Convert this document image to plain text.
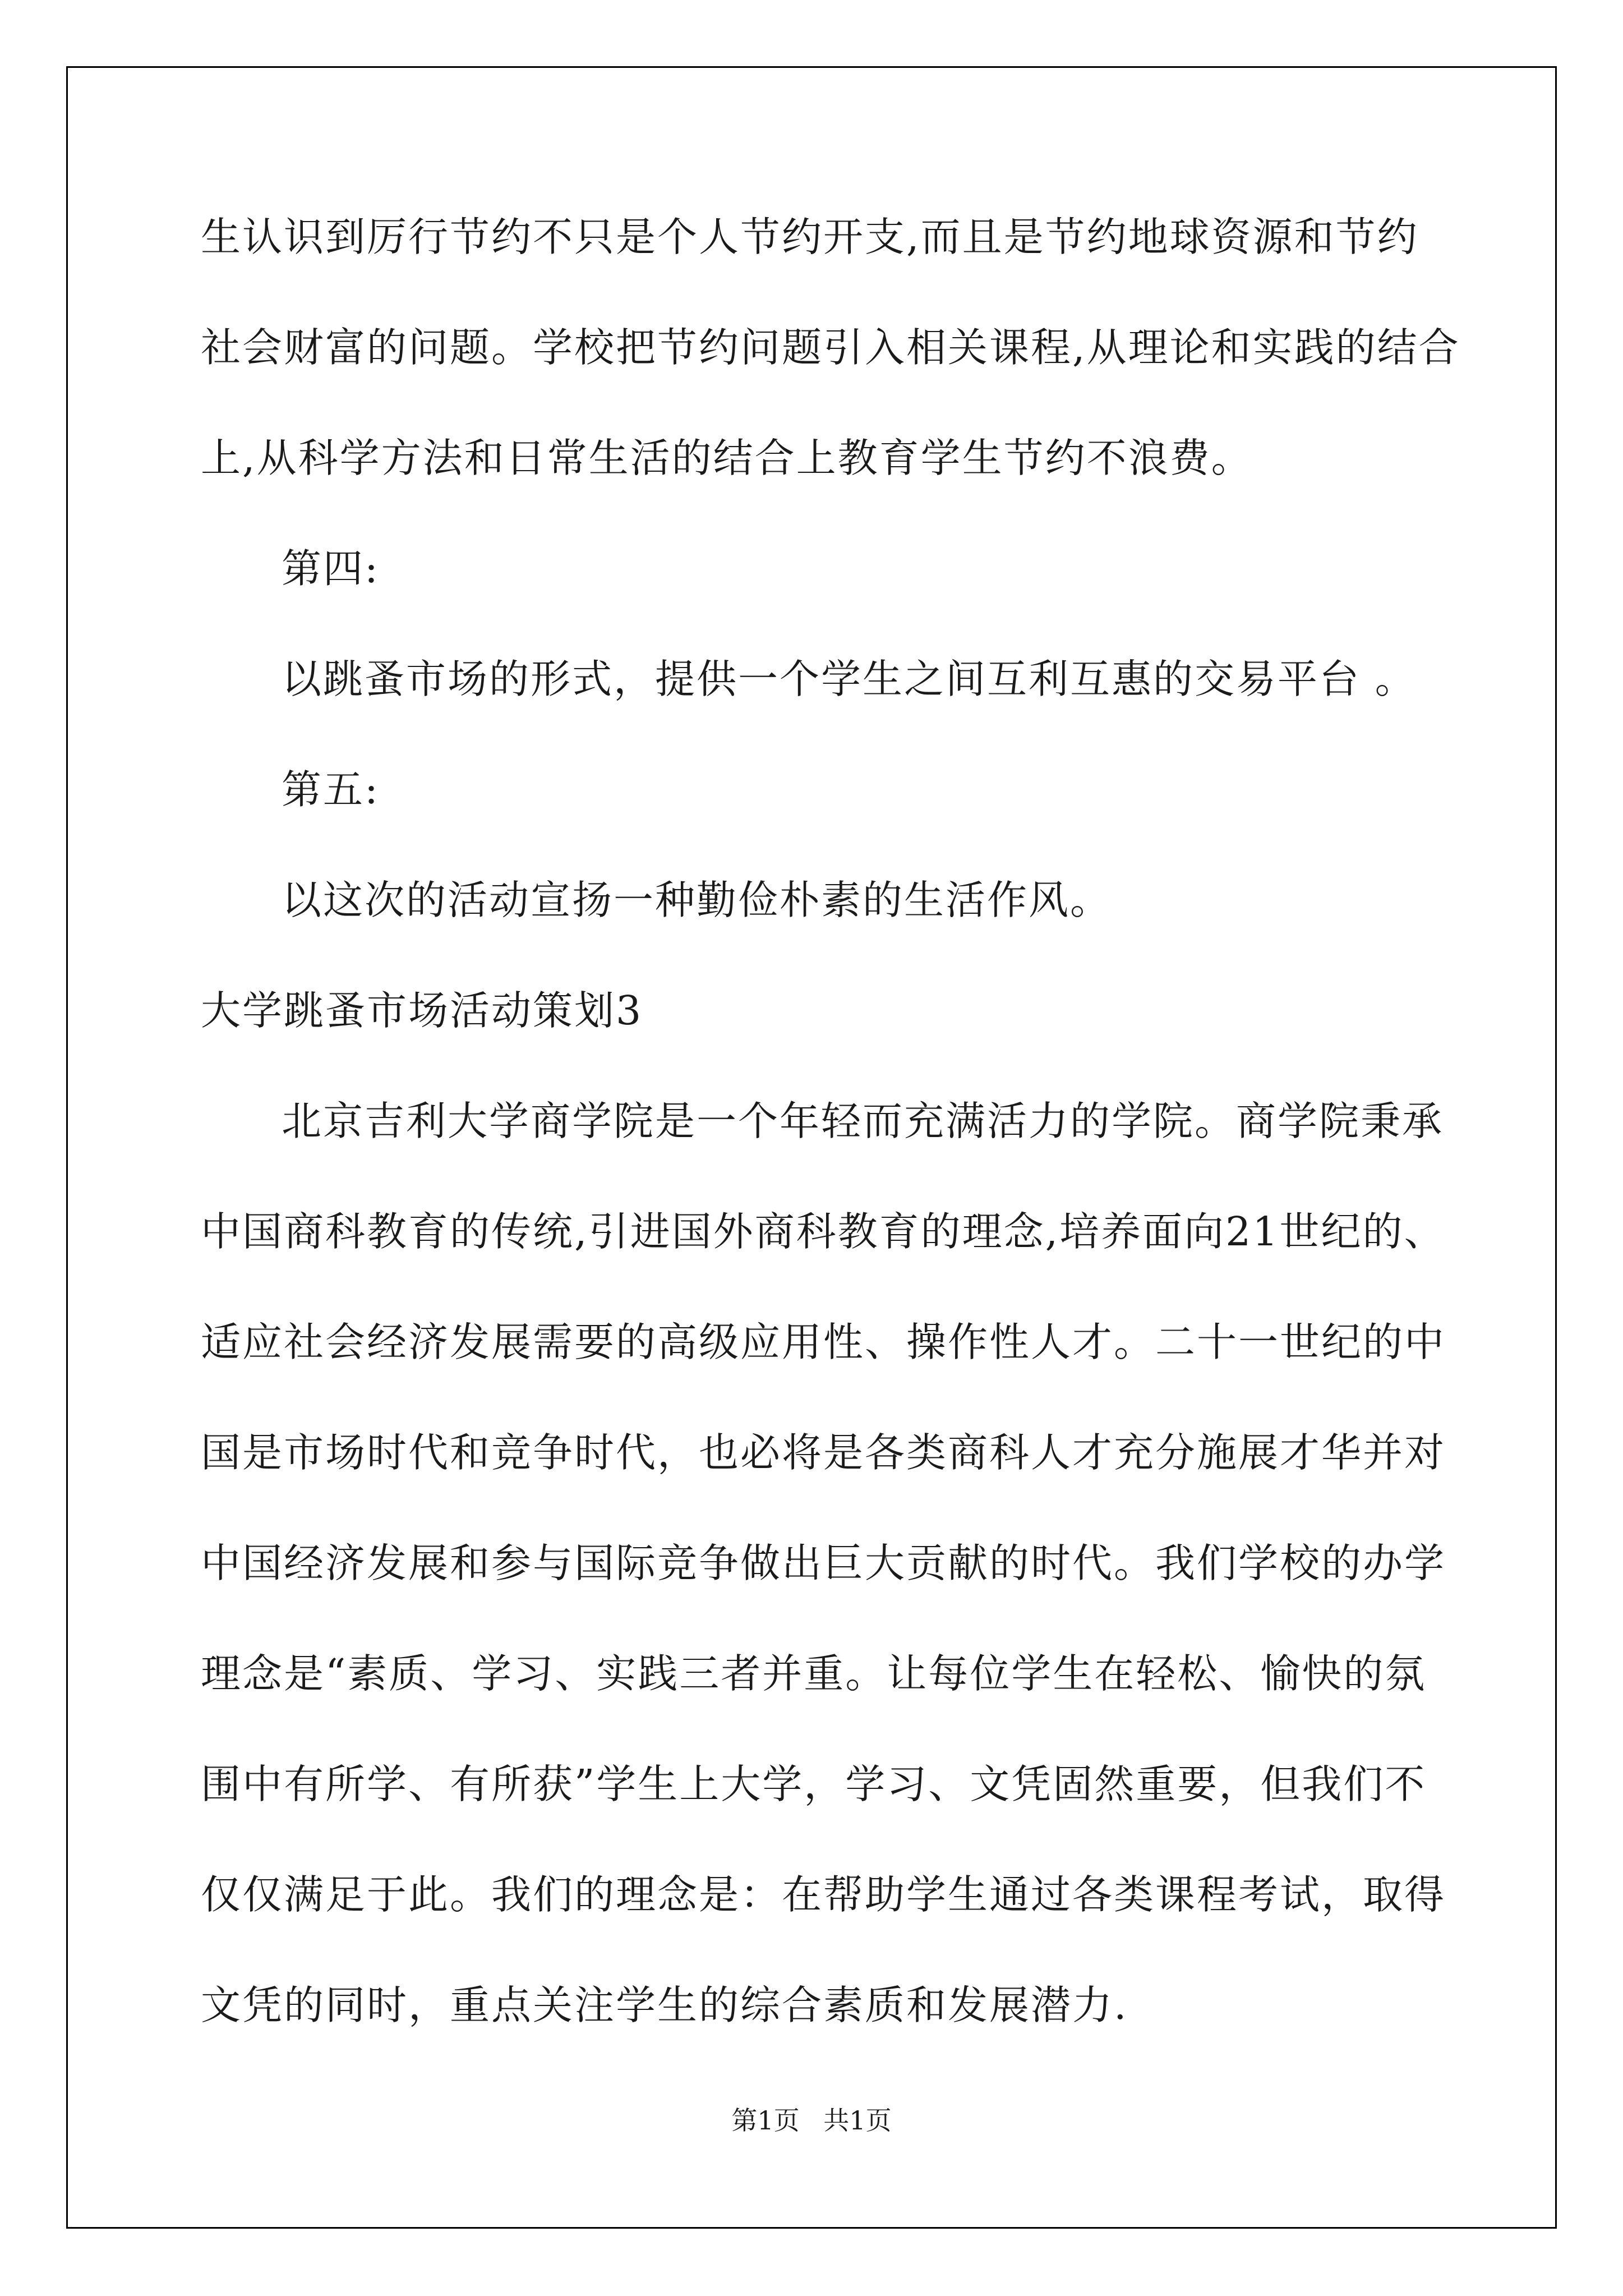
生认识到厉行节约不只是个人节约开支,而且是节约地球资源和节约
社会财富的问题。学校把节约问题引入相关课程,从理论和实践的结合
上,从科学方法和日常生活的结合上教育学生节约不浪费。
第四:
以跳蚤市场的形式，提供一个学生之间互利互惠的交易平台 。
第五:
以这次的活动宣扬一种勤俭朴素的生活作风。
大学跳蚤市场活动策划3
北京吉利大学商学院是一个年轻而充满活力的学院。商学院秉承
中国商科教育的传统,引进国外商科教育的理念,培养面向21世纪的、
适应社会经济发展需要的高级应用性、操作性人才。二十一世纪的中
国是市场时代和竞争时代，也必将是各类商科人才充分施展才华并对
中国经济发展和参与国际竞争做出巨大贡献的时代。我们学校的办学
理念是“素质、学习、实践三者并重。让每位学生在轻松、愉快的氛
围中有所学、有所获”学生上大学，学习、文凭固然重要，但我们不
仅仅满足于此。我们的理念是：在帮助学生通过各类课程考试，取得
文凭的同时，重点关注学生的综合素质和发展潜力.
第1页 共1页
